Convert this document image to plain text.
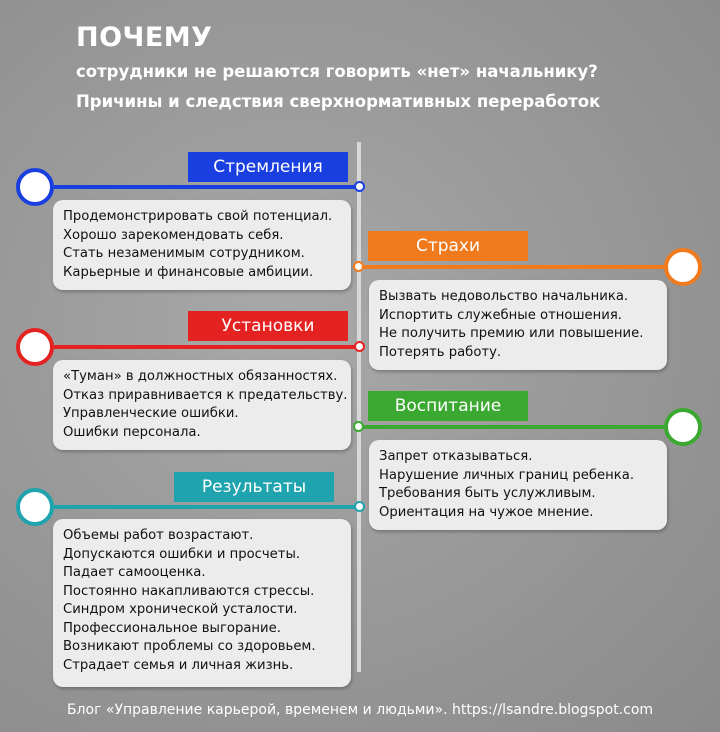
ПОЧЕМУ
сотрудники не решаются говорить «нет» начальнику?
Причины и следствия сверхнормативных переработок
Стремления
Продемонстрировать свой потенциал.
Хорошо зарекомендовать себя.
Стать незаменимым сотрудником.
Карьерные и финансовые амбиции.
Страхи
Вызвать недовольство начальника.
Испортить служебные отношения.
Не получить премию или повышение.
Потерять работу.
Установки
«Туман» в должностных обязанностях.
Отказ приравнивается к предательству.
Управленческие ошибки.
Ошибки персонала.
Воспитание
Запрет отказываться.
Нарушение личных границ ребенка.
Требования быть услужливым.
Ориентация на чужое мнение.
Результаты
Объемы работ возрастают.
Допускаются ошибки и просчеты.
Падает самооценка.
Постоянно накапливаются стрессы.
Синдром хронической усталости.
Профессиональное выгорание.
Возникают проблемы со здоровьем.
Страдает семья и личная жизнь.
Блог «Управление карьерой, временем и людьми». https://lsandre.blogspot.com
